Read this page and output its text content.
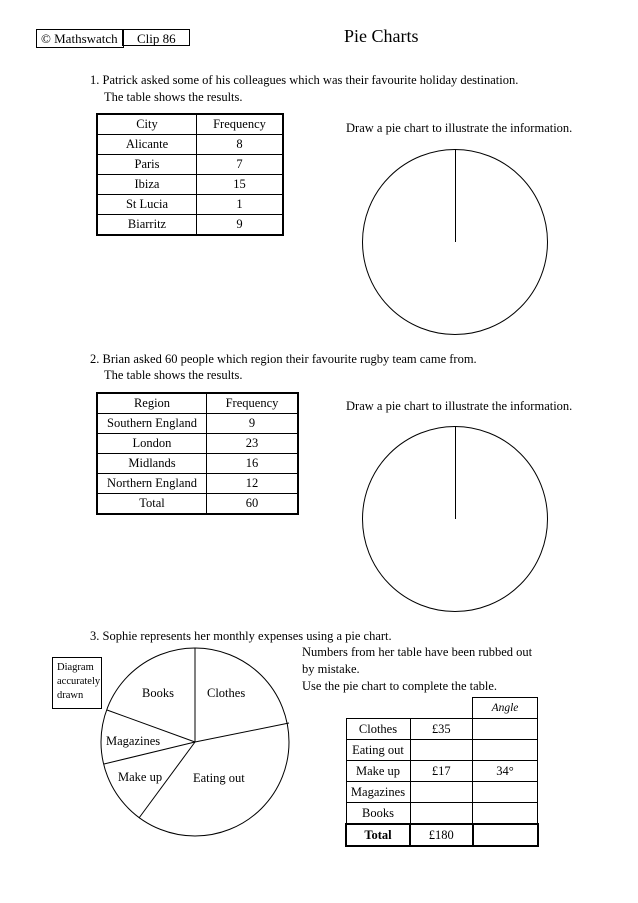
© Mathswatch	Clip 86	Pie Charts
1. Patrick asked some of his colleagues which was their favourite holiday destination.
The table shows the results.
City	Frequency
Alicante	8
Paris	7
Ibiza	15
St Lucia	1
Biarritz	9
Draw a pie chart to illustrate the information.
2. Brian asked 60 people which region their favourite rugby team came from.
The table shows the results.
Region	Frequency
Southern England	9
London	23
Midlands	16
Northern England	12
Total	60
Draw a pie chart to illustrate the information.
3. Sophie represents her monthly expenses using a pie chart.
Numbers from her table have been rubbed out
by mistake.
Use the pie chart to complete the table.
Diagram
accurately
drawn	Books	Clothes
Magazines
Make up Eating out
		Angle
Clothes	£35	
Eating out		
Make up	£17	34°
Magazines		
Books		
Total	£180	
